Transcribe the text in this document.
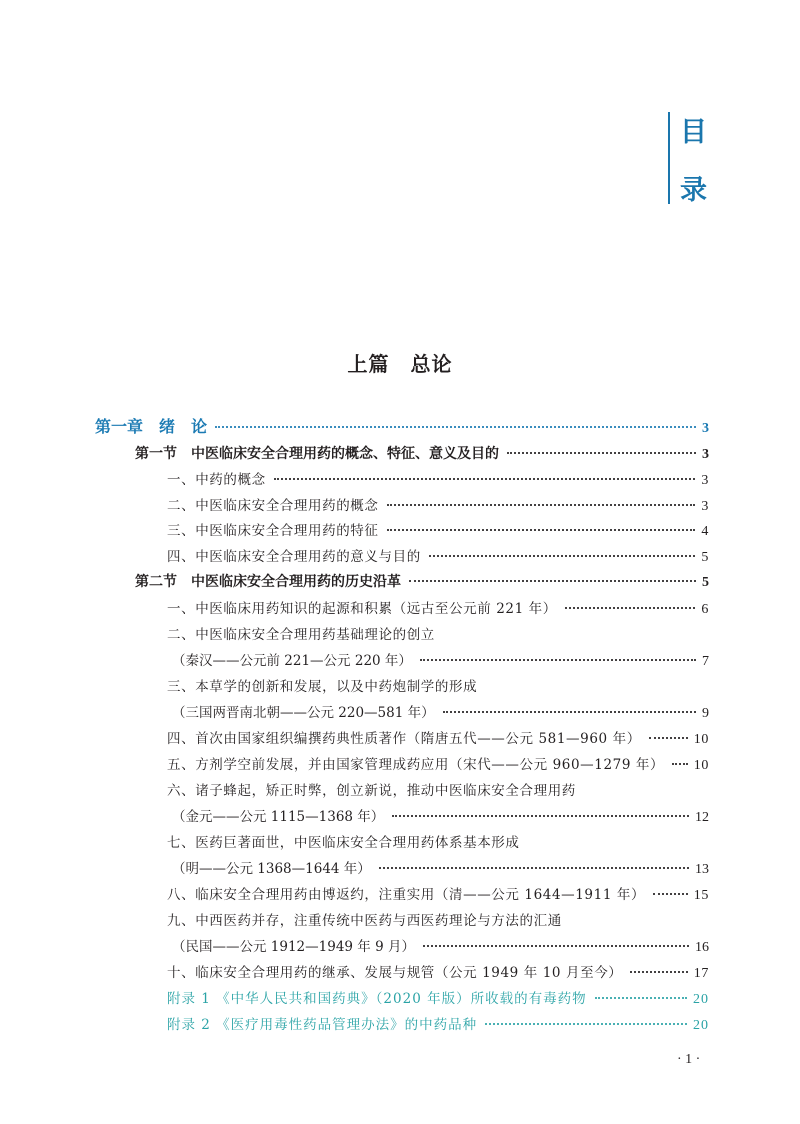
目
录
上篇　总论
第一章　绪　论	3
第一节　中医临床安全合理用药的概念、特征、意义及目的	3
一、中药的概念	3
二、中医临床安全合理用药的概念	3
三、中医临床安全合理用药的特征	4
四、中医临床安全合理用药的意义与目的	5
第二节　中医临床安全合理用药的历史沿革	5
一、中医临床用药知识的起源和积累（远古至公元前 221 年）	6
二、中医临床安全合理用药基础理论的创立
（秦汉——公元前 221—公元 220 年）	7
三、本草学的创新和发展，以及中药炮制学的形成
（三国两晋南北朝——公元 220—581 年）	9
四、首次由国家组织编撰药典性质著作（隋唐五代——公元 581—960 年）	10
五、方剂学空前发展，并由国家管理成药应用（宋代——公元 960—1279 年） 10
六、诸子蜂起，矫正时弊，创立新说，推动中医临床安全合理用药
（金元——公元 1115—1368 年）	12
七、医药巨著面世，中医临床安全合理用药体系基本形成
（明——公元 1368—1644 年）	13
八、临床安全合理用药由博返约，注重实用（清——公元 1644—1911 年）	15
九、中西医药并存，注重传统中医药与西医药理论与方法的汇通
（民国——公元 1912—1949 年 9 月）	16
十、临床安全合理用药的继承、发展与规管（公元 1949 年 10 月至今）	17
附录 1 《中华人民共和国药典》（2020 年版）所收载的有毒药物	20
附录 2 《医疗用毒性药品管理办法》的中药品种	20
· 1 ·
